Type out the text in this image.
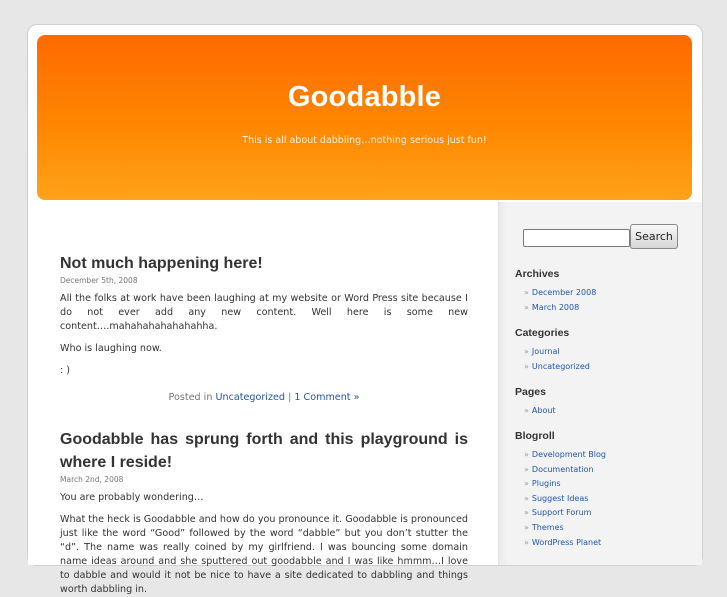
Goodabble
This is all about dabbling…nothing serious just fun!
Not much happening here!
December 5th, 2008

All the folks at work have been laughing at my website or Word Press site because I do not ever add any new content. Well here is some new content….mahahahahahahahha.

Who is laughing now.

: )

Posted in Uncategorized | 1 Comment »
Goodabble has sprung forth and this playground is where I reside!
March 2nd, 2008

You are probably wondering…

What the heck is Goodabble and how do you pronounce it. Goodabble is pronounced just like the word “Good” followed by the word “dabble” but you don’t stutter the “d”. The name was really coined by my girlfriend. I was bouncing some domain name ideas around and she sputtered out goodabble and I was like hmmm…I love to dabble and would it not be nice to have a site dedicated to dabbling and things worth dabbling in.

Search
Archives
» December 2008
» March 2008
Categories
» Journal
» Uncategorized
Pages
» About
Blogroll
» Development Blog
» Documentation
» Plugins
» Suggest Ideas
» Support Forum
» Themes
» WordPress Planet
